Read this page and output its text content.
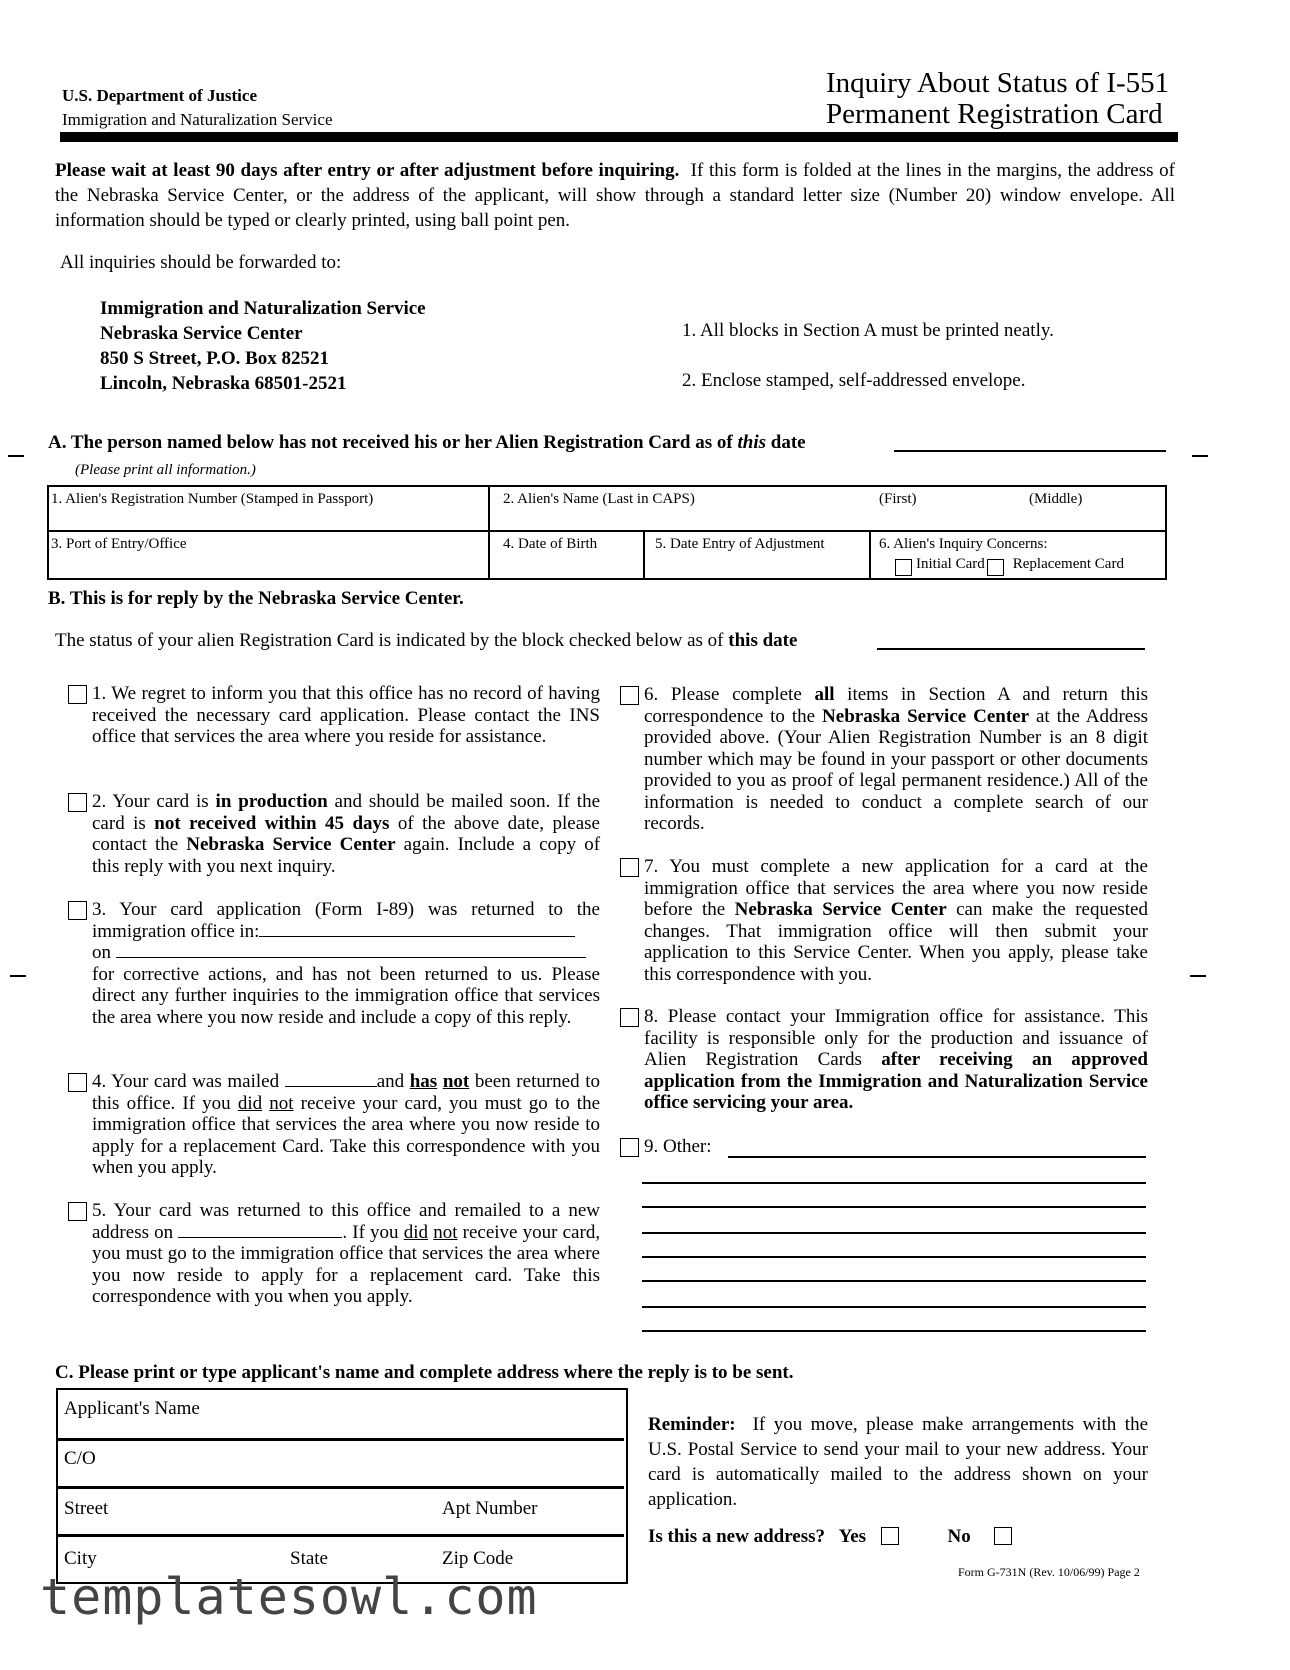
U.S. Department of Justice
Immigration and Naturalization Service
Inquiry About Status of I-551
Permanent Registration Card
Please wait at least 90 days after entry or after adjustment before inquiring. If this form is folded at the lines in the margins, the address of the Nebraska Service Center, or the address of the applicant, will show through a standard letter size (Number 20) window envelope. All information should be typed or clearly printed, using ball point pen.
All inquiries should be forwarded to:
Immigration and Naturalization Service
Nebraska Service Center
850 S Street, P.O. Box 82521
Lincoln, Nebraska 68501-2521
1. All blocks in Section A must be printed neatly.
2. Enclose stamped, self-addressed envelope.
A. The person named below has not received his or her Alien Registration Card as of this date
(Please print all information.)
1. Alien's Registration Number (Stamped in Passport)	2. Alien's Name (Last in CAPS)	(First)	(Middle)
3. Port of Entry/Office	4. Date of Birth	5. Date Entry of Adjustment	6. Alien's Inquiry Concerns:
Initial Card Replacement Card
B. This is for reply by the Nebraska Service Center.
The status of your alien Registration Card is indicated by the block checked below as of this date
1. We regret to inform you that this office has no record of having received the necessary card application. Please contact the INS office that services the area where you reside for assistance.
2. Your card is in production and should be mailed soon. If the card is not received within 45 days of the above date, please contact the Nebraska Service Center again. Include a copy of this reply with you next inquiry.
3. Your card application (Form I-89) was returned to the immigration office in:
on
for corrective actions, and has not been returned to us. Please direct any further inquiries to the immigration office that services the area where you now reside and include a copy of this reply.
4. Your card was mailed	and has not been returned to this office. If you did not receive your card, you must go to the immigration office that services the area where you now reside to apply for a replacement Card. Take this correspondence with you when you apply.
5. Your card was returned to this office and remailed to a new address on	. If you did not receive your card, you must go to the immigration office that services the area where you now reside to apply for a replacement card. Take this correspondence with you when you apply.
6. Please complete all items in Section A and return this correspondence to the Nebraska Service Center at the Address provided above. (Your Alien Registration Number is an 8 digit number which may be found in your passport or other documents provided to you as proof of legal permanent residence.) All of the information is needed to conduct a complete search of our records.
7. You must complete a new application for a card at the immigration office that services the area where you now reside before the Nebraska Service Center can make the requested changes. That immigration office will then submit your application to this Service Center. When you apply, please take this correspondence with you.
8. Please contact your Immigration office for assistance. This facility is responsible only for the production and issuance of Alien Registration Cards after receiving an approved application from the Immigration and Naturalization Service office servicing your area.
9. Other:
C. Please print or type applicant's name and complete address where the reply is to be sent.
Applicant's Name
C/O
Street	Apt Number
City	State	Zip Code
Reminder: If you move, please make arrangements with the U.S. Postal Service to send your mail to your new address. Your card is automatically mailed to the address shown on your application.
Is this a new address? Yes	No
Form G-731N (Rev. 10/06/99) Page 2
templatesowl.com
